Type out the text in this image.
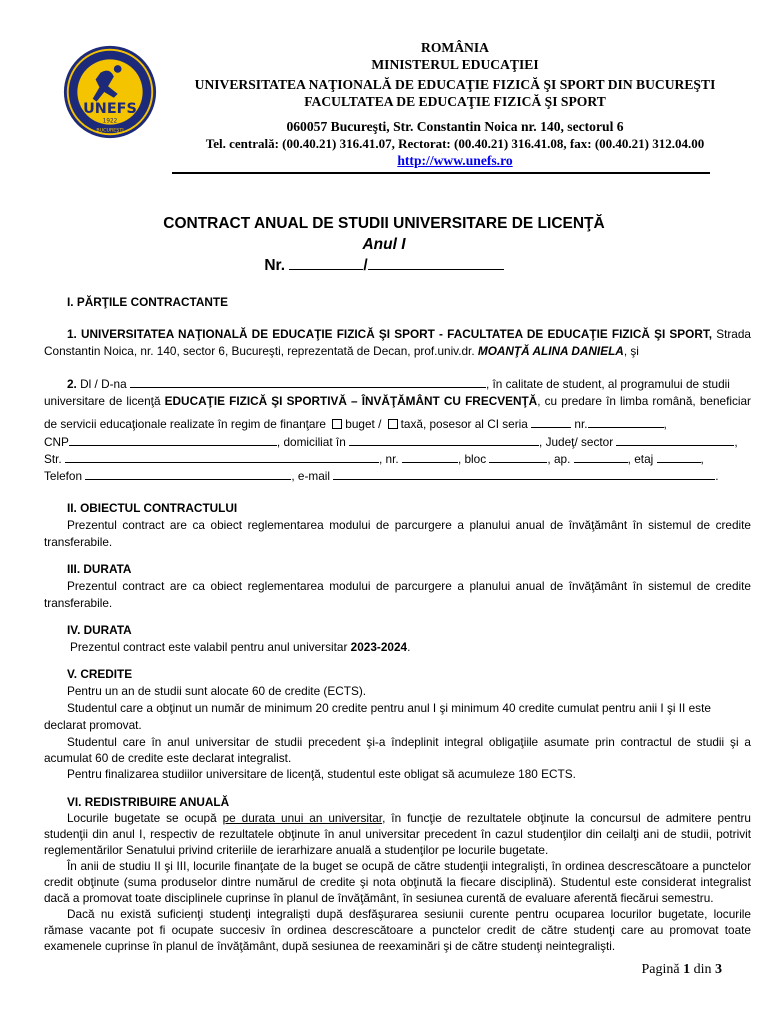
UNEFS
1922
BUCUREŞTI
ROMÂNIA
MINISTERUL EDUCAŢIEI
UNIVERSITATEA NAŢIONALĂ DE EDUCAŢIE FIZICĂ ŞI SPORT DIN BUCUREŞTI
FACULTATEA DE EDUCAŢIE FIZICĂ ŞI SPORT
060057 Bucureşti, Str. Constantin Noica nr. 140, sectorul 6
Tel. centrală: (00.40.21) 316.41.07, Rectorat: (00.40.21) 316.41.08, fax: (00.40.21) 312.04.00
http://www.unefs.ro
CONTRACT ANUAL DE STUDII UNIVERSITARE DE LICENŢĂ
Anul I
Nr.	/
I. PĂRŢILE CONTRACTANTE
1. UNIVERSITATEA NAŢIONALĂ DE EDUCAŢIE FIZICĂ ŞI SPORT - FACULTATEA DE EDUCAŢIE FIZICĂ ŞI SPORT, Strada
Constantin Noica, nr. 140, sector 6, Bucureşti, reprezentată de Decan, prof.univ.dr. MOANŢĂ ALINA DANIELA, şi
2. Dl / D-na	, în calitate de student, al programului de studii
universitare de licenţă EDUCAŢIE FIZICĂ ŞI SPORTIVĂ – ÎNVĂŢĂMÂNT CU FRECVENŢĂ, cu predare în limba română, beneficiar
de servicii educaţionale realizate în regim de finanţare buget / taxă, posesor al CI seria	nr.	,
CNP	, domiciliat în	, Judeţ/ sector	,
Str.	, nr.	, bloc	, ap.	, etaj	,
Telefon	, e-mail	.
II. OBIECTUL CONTRACTULUI
Prezentul contract are ca obiect reglementarea modului de parcurgere a planului anual de învăţământ în sistemul de credite
transferabile.
III. DURATA
Prezentul contract are ca obiect reglementarea modului de parcurgere a planului anual de învăţământ în sistemul de credite
transferabile.
IV. DURATA
Prezentul contract este valabil pentru anul universitar 2023-2024.
V. CREDITE
Pentru un an de studii sunt alocate 60 de credite (ECTS).
Studentul care a obţinut un număr de minimum 20 credite pentru anul I şi minimum 40 credite cumulat pentru anii I şi II este
declarat promovat.
Studentul care în anul universitar de studii precedent şi-a îndeplinit integral obligaţiile asumate prin contractul de studii şi a
acumulat 60 de credite este declarat integralist.
Pentru finalizarea studiilor universitare de licenţă, studentul este obligat să acumuleze 180 ECTS.
VI. REDISTRIBUIRE ANUALĂ
Locurile bugetate se ocupă pe durata unui an universitar, în funcţie de rezultatele obţinute la concursul de admitere pentru
studenţii din anul I, respectiv de rezultatele obţinute în anul universitar precedent în cazul studenţilor din ceilalţi ani de studii, potrivit
reglementărilor Senatului privind criteriile de ierarhizare anuală a studenţilor pe locurile bugetate.
În anii de studiu II şi III, locurile finanţate de la buget se ocupă de către studenţii integralişti, în ordinea descrescătoare a punctelor
credit obţinute (suma produselor dintre numărul de credite şi nota obţinută la fiecare disciplină). Studentul este considerat integralist
dacă a promovat toate disciplinele cuprinse în planul de învăţământ, în sesiunea curentă de evaluare aferentă fiecărui semestru.
Dacă nu există suficienţi studenţi integralişti după desfăşurarea sesiunii curente pentru ocuparea locurilor bugetate, locurile
rămase vacante pot fi ocupate succesiv în ordinea descrescătoare a punctelor credit de către studenţi care au promovat toate
examenele cuprinse în planul de învăţământ, după sesiunea de reexaminări şi de către studenţi neintegralişti.
Pagină 1 din 3
